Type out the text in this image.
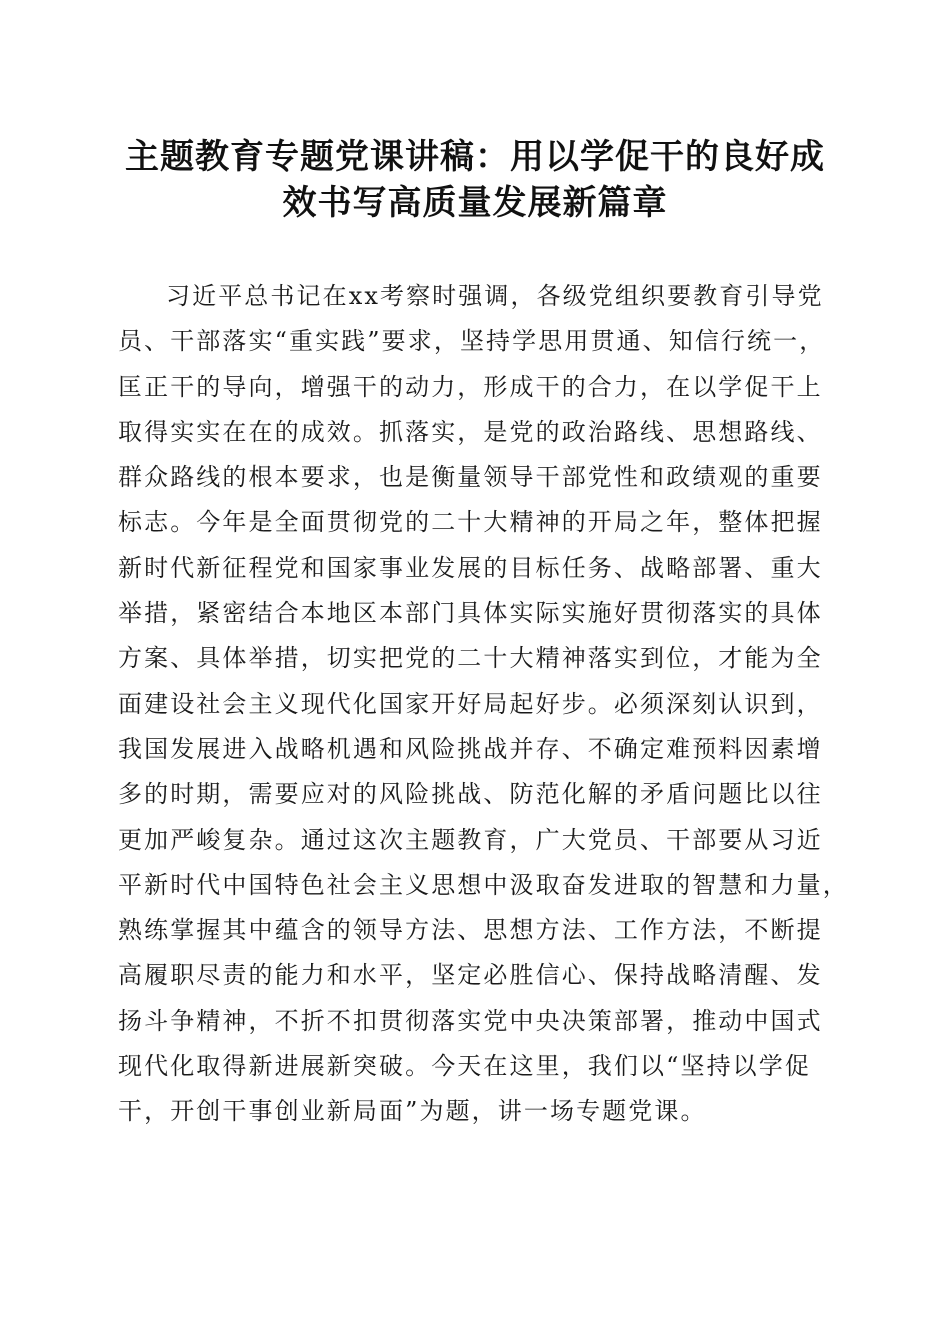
主题教育专题党课讲稿：用以学促干的良好成
效书写高质量发展新篇章
习近平总书记在xx考察时强调，各级党组织要教育引导党
员、干部落实“重实践”要求，坚持学思用贯通、知信行统一，
匡正干的导向，增强干的动力，形成干的合力，在以学促干上
取得实实在在的成效。抓落实，是党的政治路线、思想路线、
群众路线的根本要求，也是衡量领导干部党性和政绩观的重要
标志。今年是全面贯彻党的二十大精神的开局之年，整体把握
新时代新征程党和国家事业发展的目标任务、战略部署、重大
举措，紧密结合本地区本部门具体实际实施好贯彻落实的具体
方案、具体举措，切实把党的二十大精神落实到位，才能为全
面建设社会主义现代化国家开好局起好步。必须深刻认识到，
我国发展进入战略机遇和风险挑战并存、不确定难预料因素增
多的时期，需要应对的风险挑战、防范化解的矛盾问题比以往
更加严峻复杂。通过这次主题教育，广大党员、干部要从习近
平新时代中国特色社会主义思想中汲取奋发进取的智慧和力量，
熟练掌握其中蕴含的领导方法、思想方法、工作方法，不断提
高履职尽责的能力和水平，坚定必胜信心、保持战略清醒、发
扬斗争精神，不折不扣贯彻落实党中央决策部署，推动中国式
现代化取得新进展新突破。今天在这里，我们以“坚持以学促
干，开创干事创业新局面”为题，讲一场专题党课。
